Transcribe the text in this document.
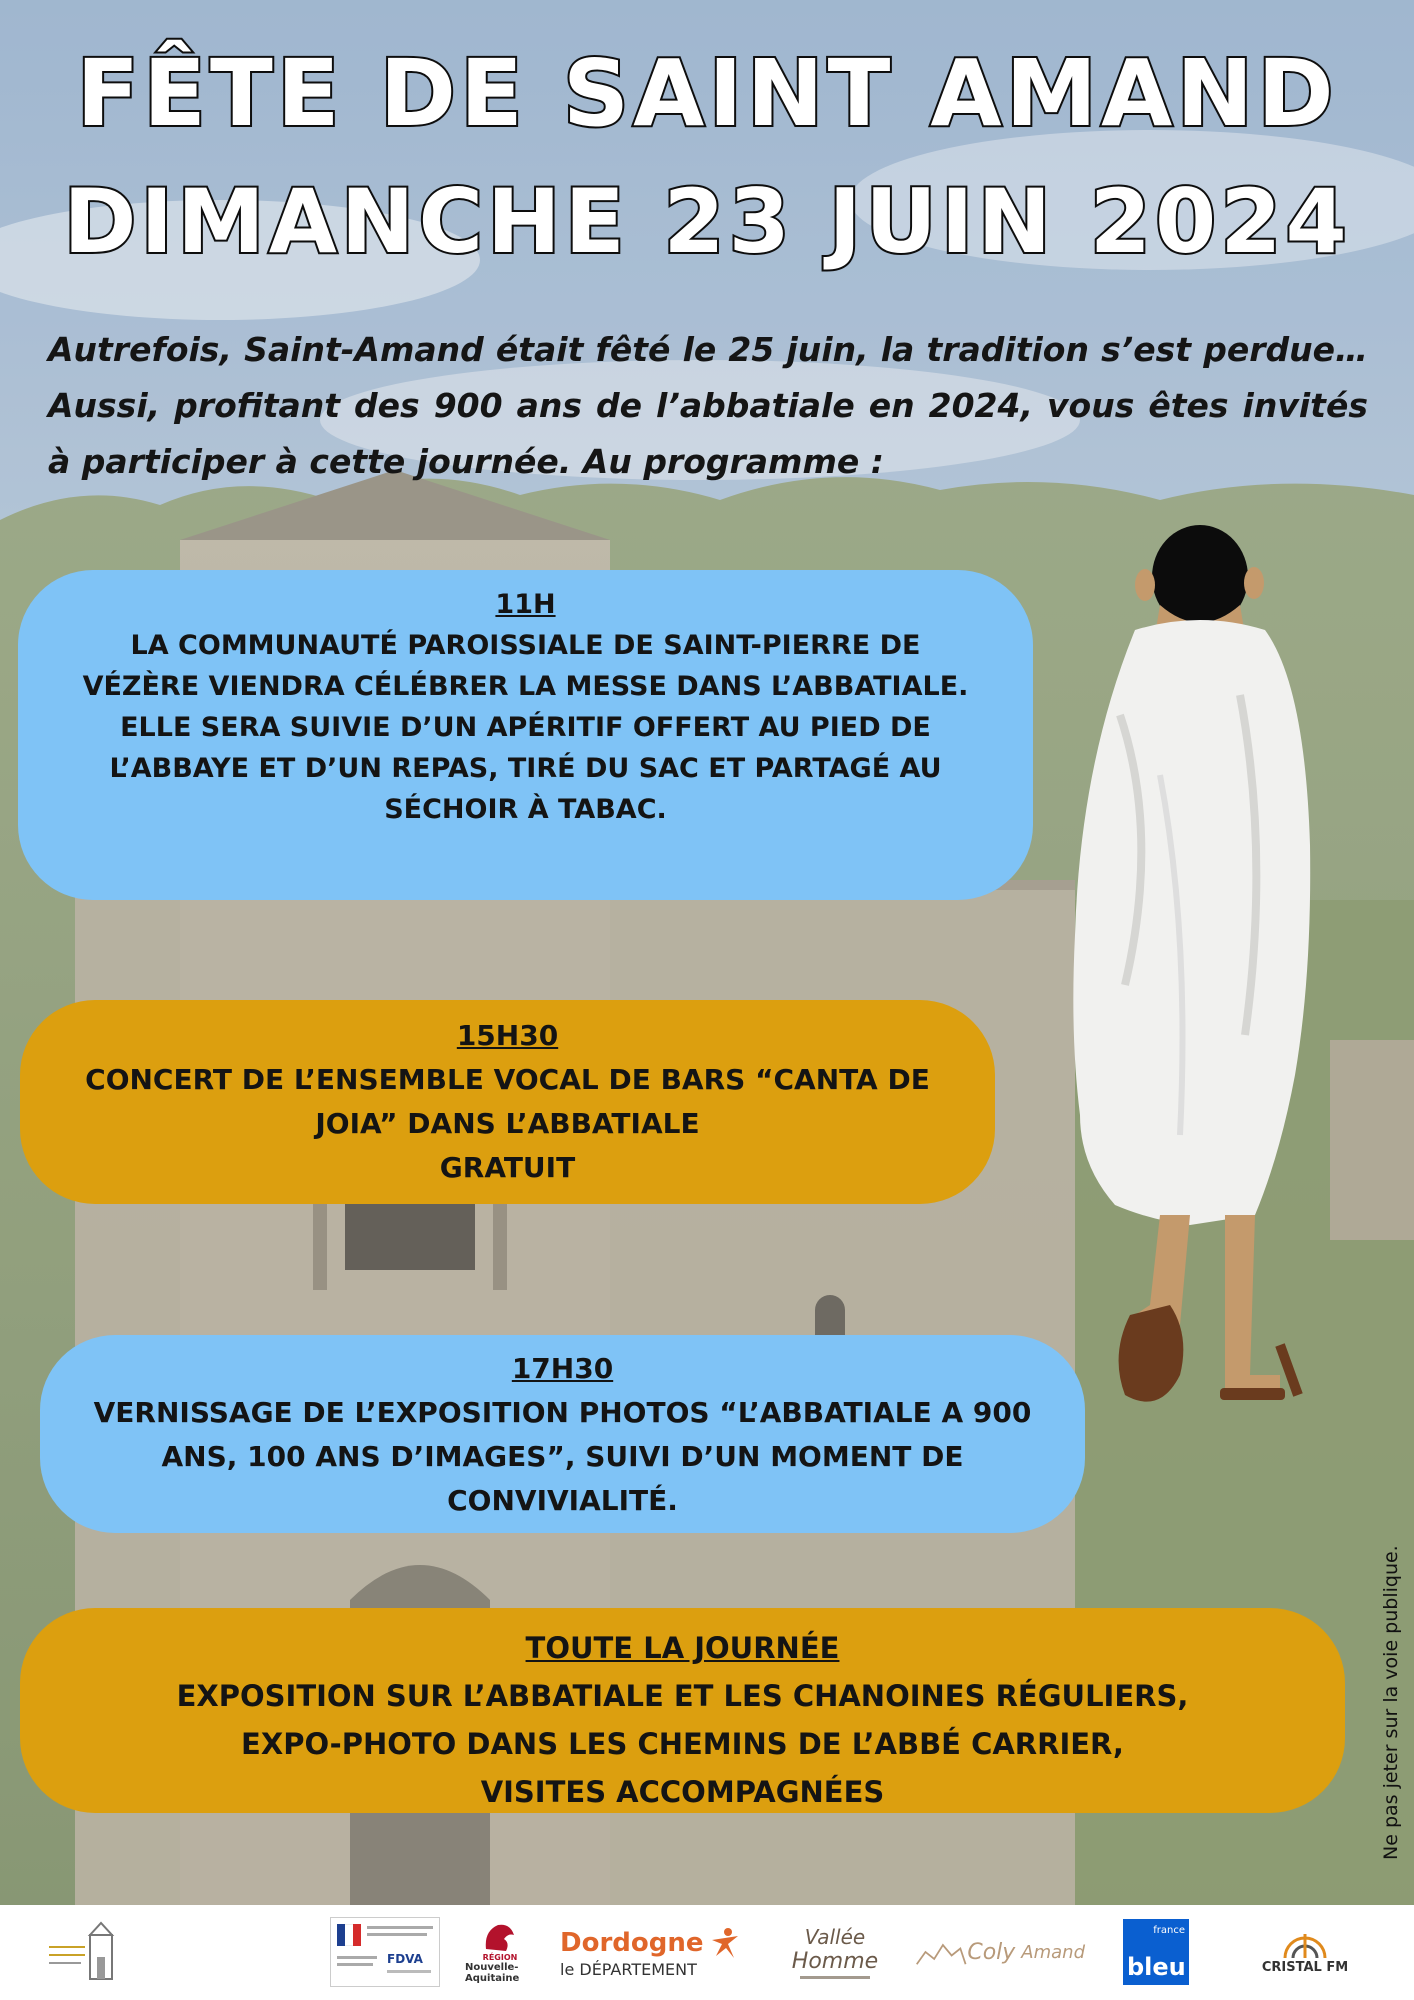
FÊTE DE SAINT AMAND
DIMANCHE 23 JUIN 2024
Autrefois, Saint-Amand était fêté le 25 juin, la tradition s’est perdue… Aussi, profitant des 900 ans de l’abbatiale en 2024, vous êtes invités à participer à cette journée. Au programme :
11H
LA COMMUNAUTÉ PAROISSIALE DE SAINT-PIERRE DE VÉZÈRE VIENDRA CÉLÉBRER LA MESSE DANS L’ABBATIALE.
ELLE SERA SUIVIE D’UN APÉRITIF OFFERT AU PIED DE L’ABBAYE ET D’UN REPAS, TIRÉ DU SAC ET PARTAGÉ AU SÉCHOIR À TABAC.
15H30
CONCERT DE L’ENSEMBLE VOCAL DE BARS “CANTA DE JOIA” DANS L’ABBATIALE
GRATUIT
17H30
VERNISSAGE DE L’EXPOSITION PHOTOS “L’ABBATIALE A 900 ANS, 100 ANS D’IMAGES”, SUIVI D’UN MOMENT DE CONVIVIALITÉ.
TOUTE LA JOURNÉE
EXPOSITION SUR L’ABBATIALE ET LES CHANOINES RÉGULIERS,
EXPO-PHOTO DANS LES CHEMINS DE L’ABBÉ CARRIER,
VISITES ACCOMPAGNÉES	Ne pas jeter sur la voie publique.
FDVA	RÉGION
Nouvelle-Aquitaine
Dordogne
le DÉPARTEMENT
Vallée
Homme	Coly Amand
france
bleu	CRISTAL FM
